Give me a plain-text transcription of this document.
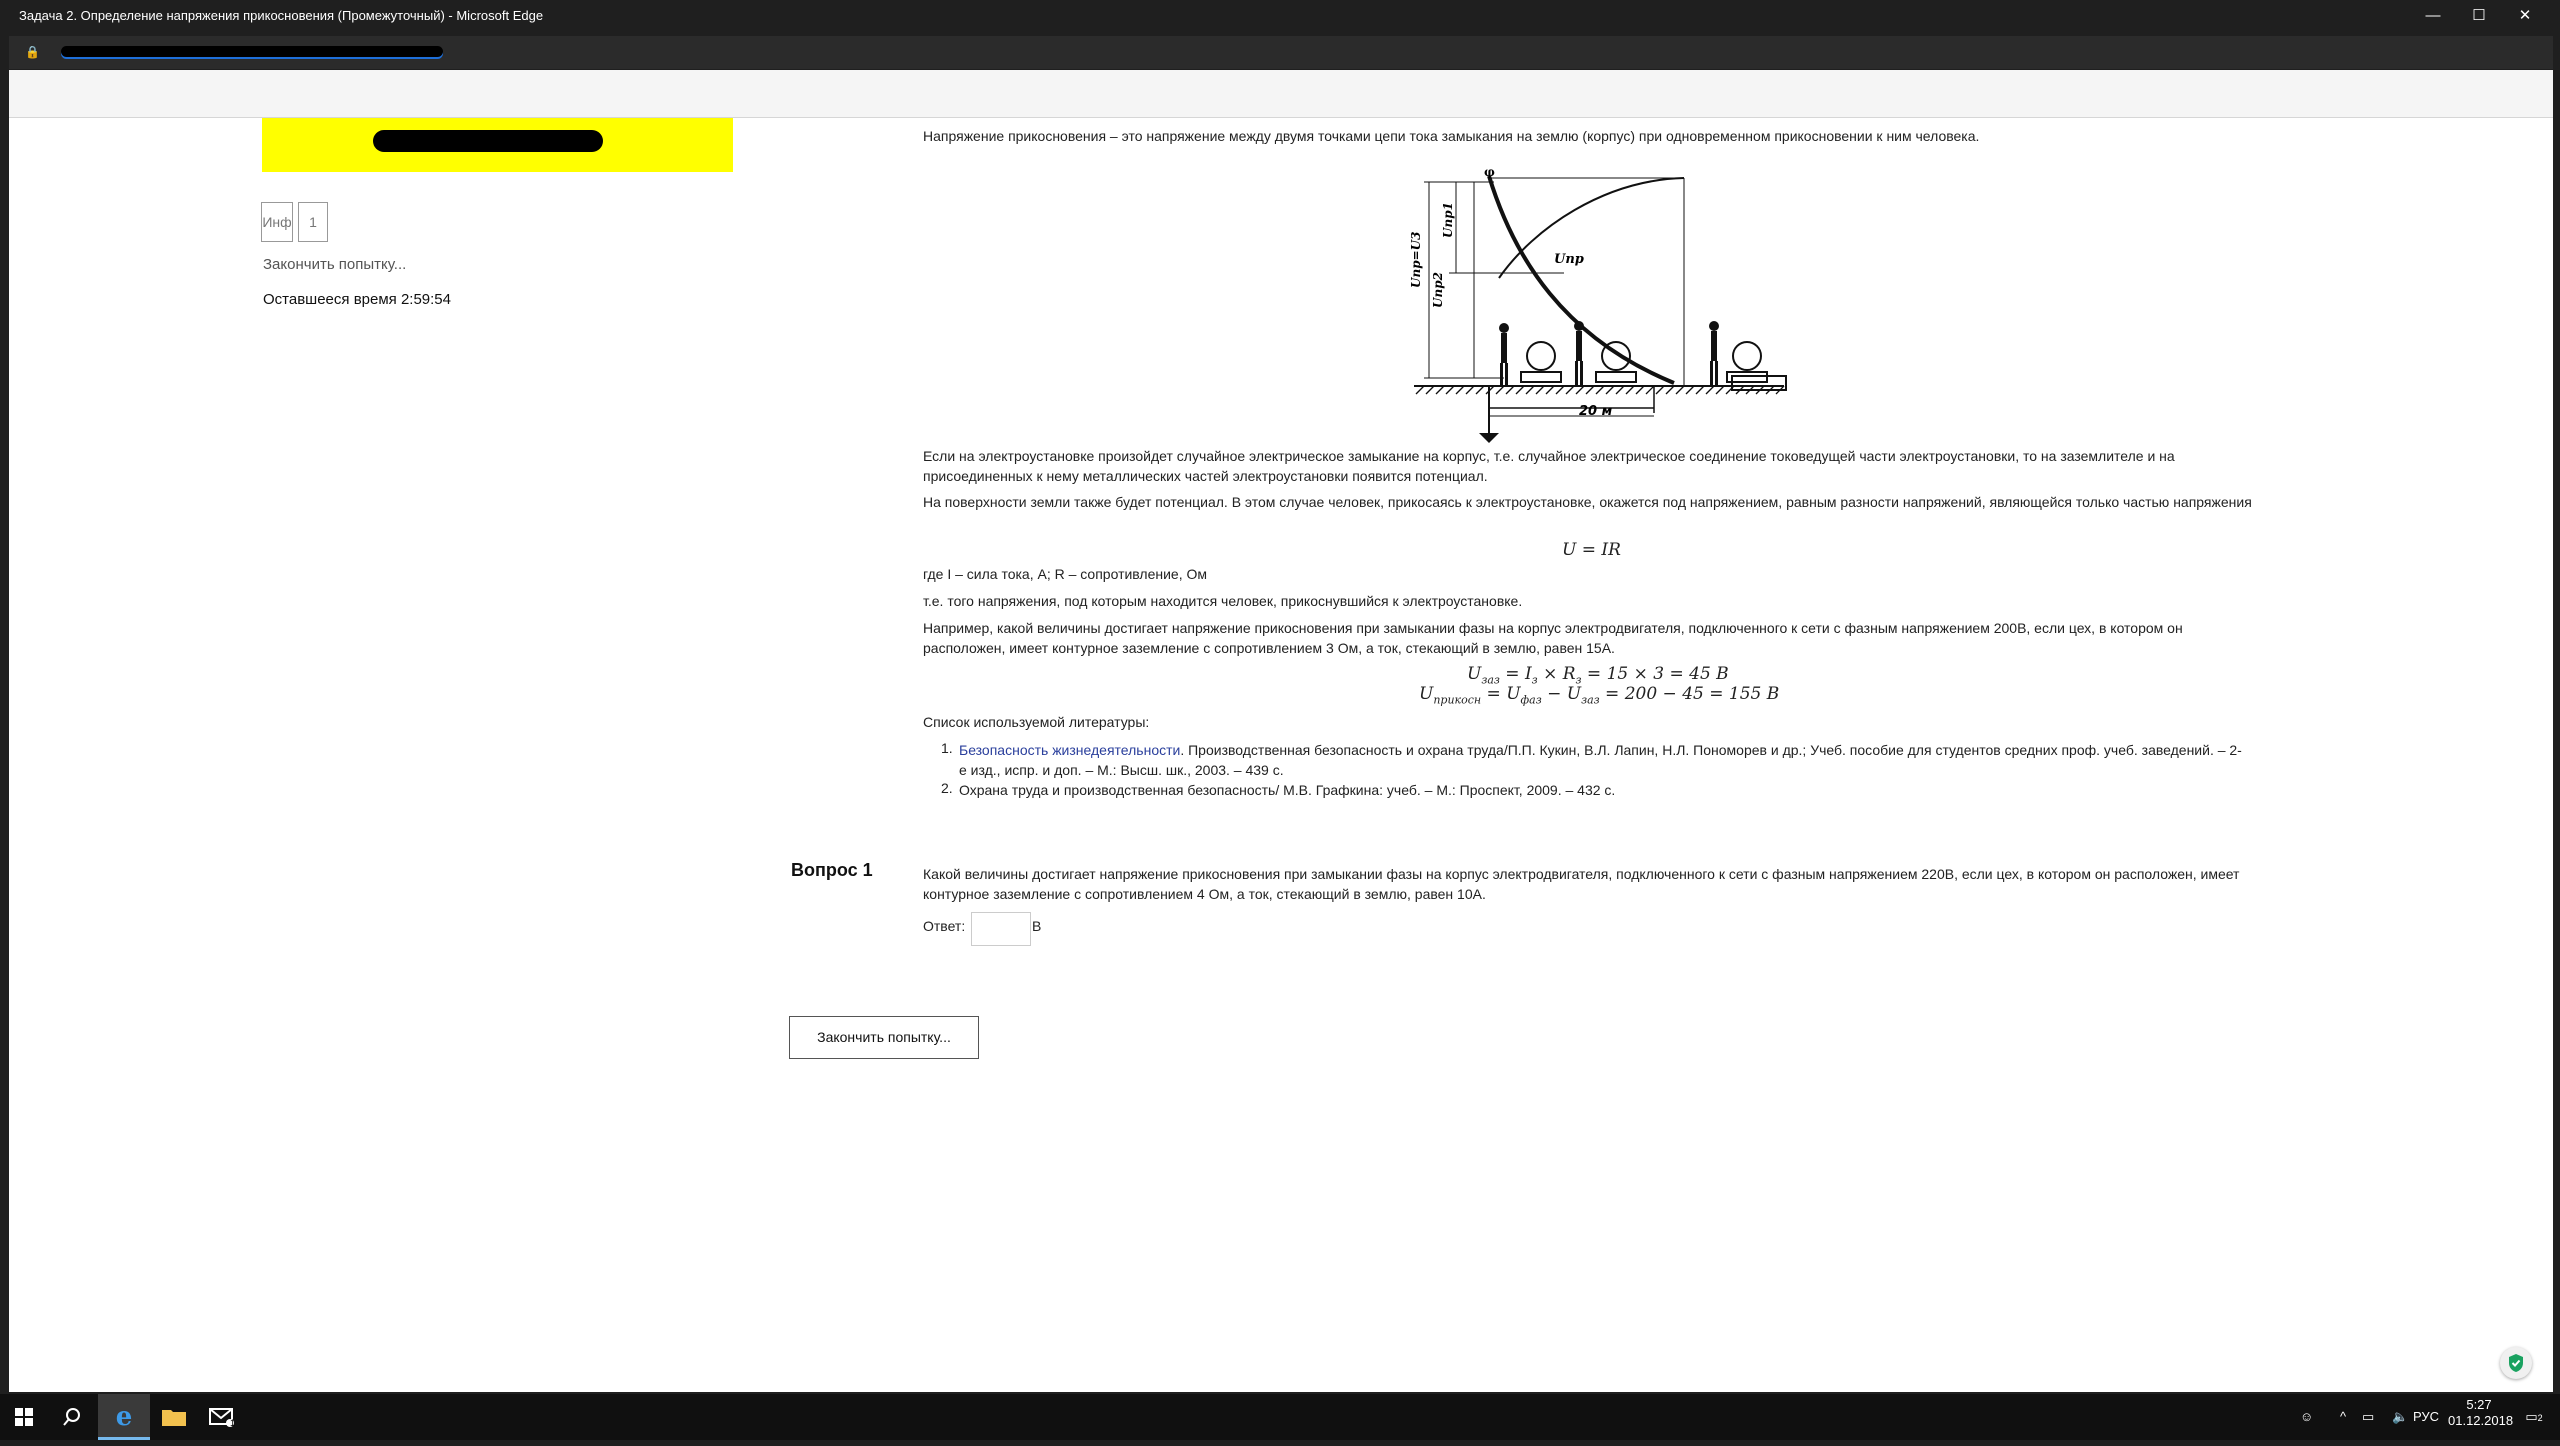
Задача 2. Определение напряжения прикосновения (Промежуточный) - Microsoft Edge	—	☐	✕
🔒
Инф	1
Закончить попытку...
Оставшееся время 2:59:54

Напряжение прикосновения – это напряжение между двумя точками цепи тока замыкания на землю (корпус) при одновременном прикосновении к ним человека.

φ
Uпр=U3
Uпр1
Uпр2
Uпр
20 м

Если на электроустановке произойдет случайное электрическое замыкание на корпус, т.е. случайное электрическое соединение токоведущей части электроустановки, то на заземлителе и на присоединенных к нему металлических частей электроустановки появится потенциал.

На поверхности земли также будет потенциал. В этом случае человек, прикосаясь к электроустановке, окажется под напряжением, равным разности напряжений, являющейся только частью напряжения

U = IR

где I – сила тока, А; R – сопротивление, Ом

т.е. того напряжения, под которым находится человек, прикоснувшийся к электроустановке.

Например, какой величины достигает напряжение прикосновения при замыкании фазы на корпус электродвигателя, подключенного к сети с фазным напряжением 200В, если цех, в котором он расположен, имеет контурное заземление с сопротивлением 3 Ом, а ток, стекающий в землю, равен 15А.

$U_{заз} = I_з \times R_з = 15 \times 3 = 45$ В
$U_{прикосн} = U_{фаз} - U_{заз} = 200 - 45 = 155$ В

Список используемой литературы:

1. Безопасность жизнедеятельности. Производственная безопасность и охрана труда/П.П. Кукин, В.Л. Лапин, Н.Л. Пономорев и др.; Учеб. пособие для студентов средних проф. учеб. заведений. – 2-е изд., испр. и доп. – М.: Высш. шк., 2003. – 439 с.
2. Охрана труда и производственная безопасность/ М.В. Графкина: учеб. – М.: Проспект, 2009. – 432 с.
Вопрос 1	Какой величины достигает напряжение прикосновения при замыкании фазы на корпус электродвигателя, подключенного к сети с фазным напряжением 220В, если цех, в котором он расположен, имеет контурное заземление с сопротивлением 4 Ом, а ток, стекающий в землю, равен 10А.

Ответ:	В
Закончить попытку...
e	1	☺ ^ ▭ 🔈 РУС
5:27
01.12.2018 ▭2
